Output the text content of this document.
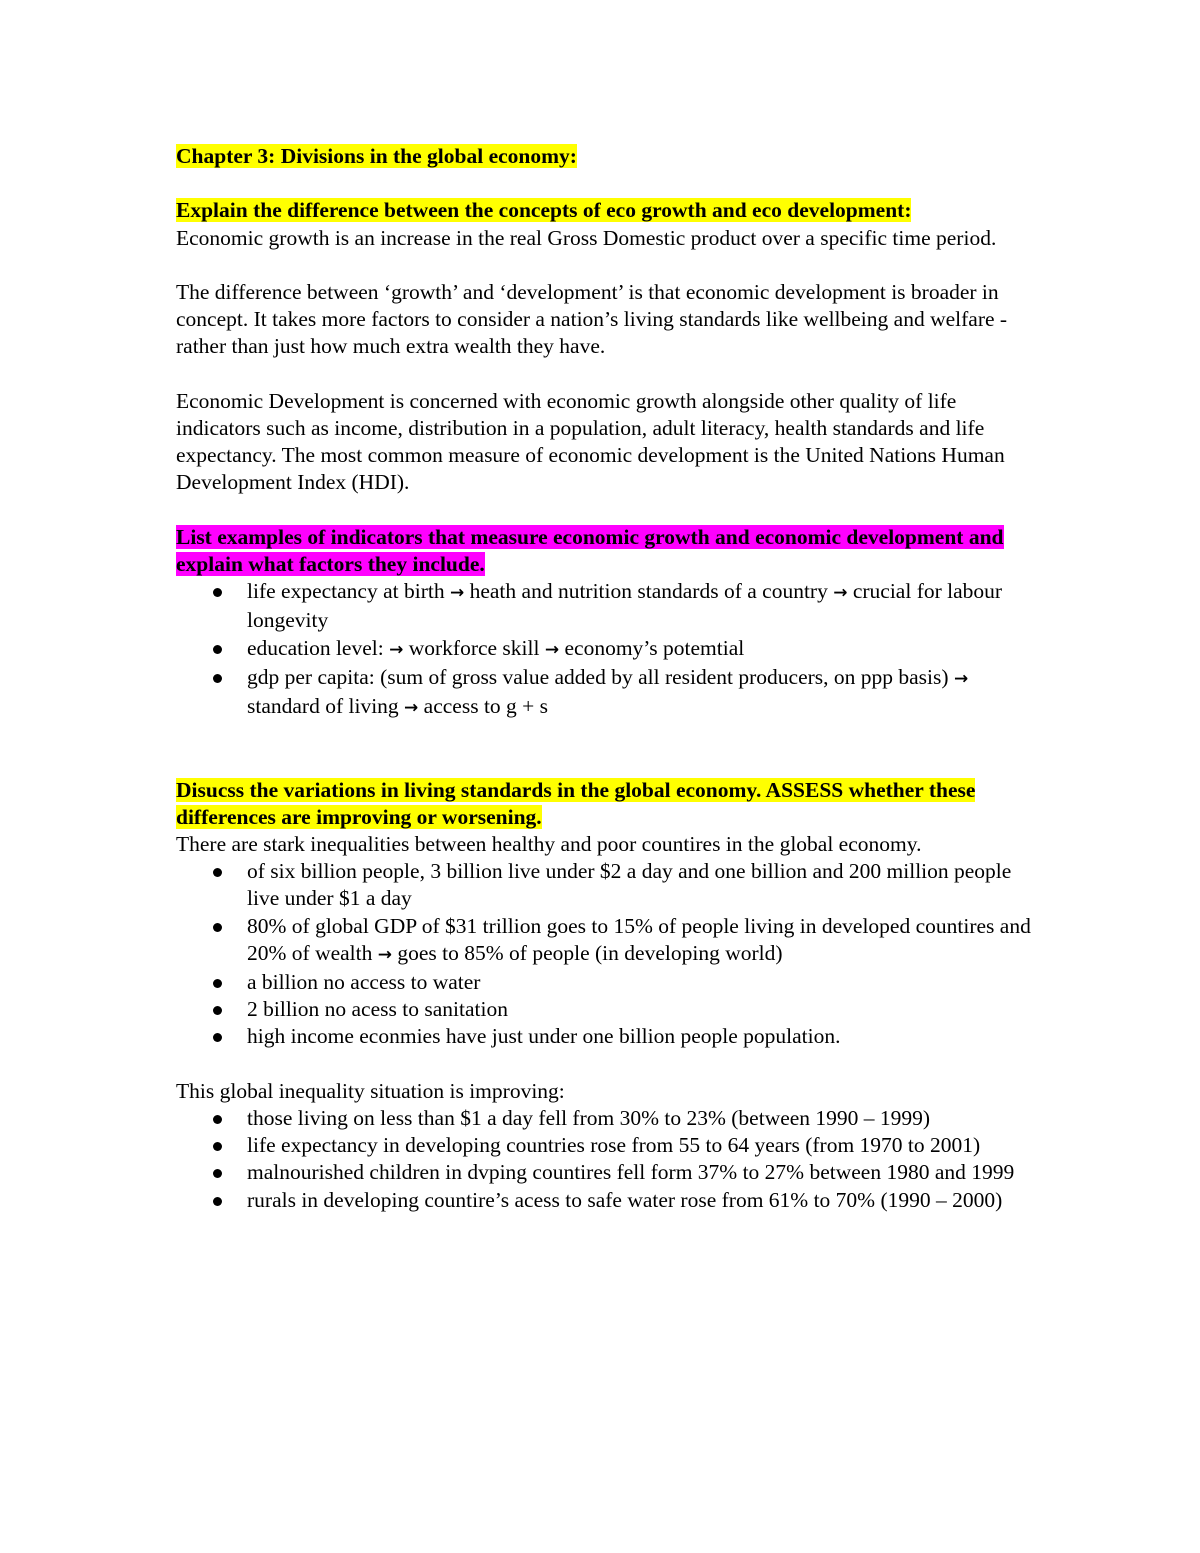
Chapter 3: Divisions in the global economy:

Explain the difference between the concepts of eco growth and eco development:

Economic growth is an increase in the real Gross Domestic product over a specific time period.

The difference between ‘growth’ and ‘development’ is that economic development is broader in concept. It takes more factors to consider a nation’s living standards like wellbeing and welfare - rather than just how much extra wealth they have.

Economic Development is concerned with economic growth alongside other quality of life indicators such as income, distribution in a population, adult literacy, health standards and life expectancy. The most common measure of economic development is the United Nations Human Development Index (HDI).

List examples of indicators that measure economic growth and economic development and explain what factors they include.

life expectancy at birth → heath and nutrition standards of a country → crucial for labour longevity
education level: → workforce skill → economy’s potemtial
gdp per capita: (sum of gross value added by all resident producers, on ppp basis) → standard of living → access to g + s

Disucss the variations in living standards in the global economy. ASSESS whether these differences are improving or worsening.

There are stark inequalities between healthy and poor countires in the global economy.

of six billion people, 3 billion live under $2 a day and one billion and 200 million people live under $1 a day
80% of global GDP of $31 trillion goes to 15% of people living in developed countires and 20% of wealth → goes to 85% of people (in developing world)
a billion no access to water
2 billion no acess to sanitation
high income econmies have just under one billion people population.

This global inequality situation is improving:

those living on less than $1 a day fell from 30% to 23% (between 1990 – 1999)
life expectancy in developing countries rose from 55 to 64 years (from 1970 to 2001)
malnourished children in dvping countires fell form 37% to 27% between 1980 and 1999
rurals in developing countire’s acess to safe water rose from 61% to 70% (1990 – 2000)
